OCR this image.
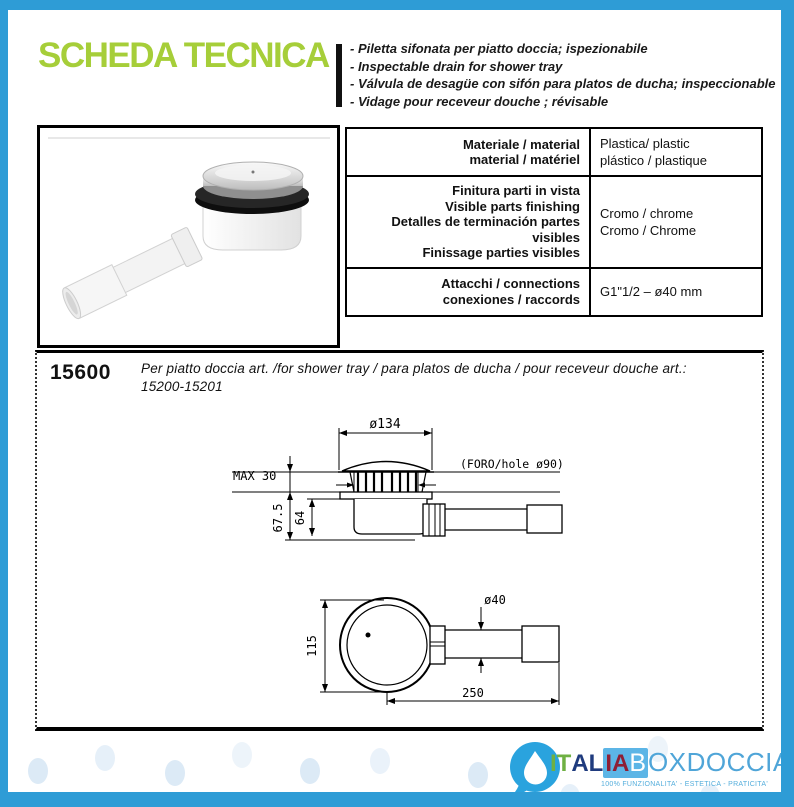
SCHEDA TECNICA - Piletta sifonata per piatto doccia; ispezionabile
- Inspectable drain for shower tray
- Válvula de desagüe con sifón para platos de ducha; inspeccionable
- Vidage pour receveur douche ; révisable
Materiale / material
material / matériel
Plastica/ plastic
plástico / plastique
Finitura parti in vista
Visible parts finishing
Detalles de terminación partes
visibles
Finissage parties visibles
Cromo / chrome
Cromo / Chrome
Attacchi / connections
conexiones / raccords G1"1/2 – ø40 mm
15600 Per piatto doccia art. /for shower tray / para platos de ducha / pour receveur douche art.:
15200-15201
ø134
(FORO/hole ø90)
MAX 30
67.5 64
ø40
115
250
ITALIABOXDOCCIA
100% FUNZIONALITA' - ESTETICA - PRATICITA'
